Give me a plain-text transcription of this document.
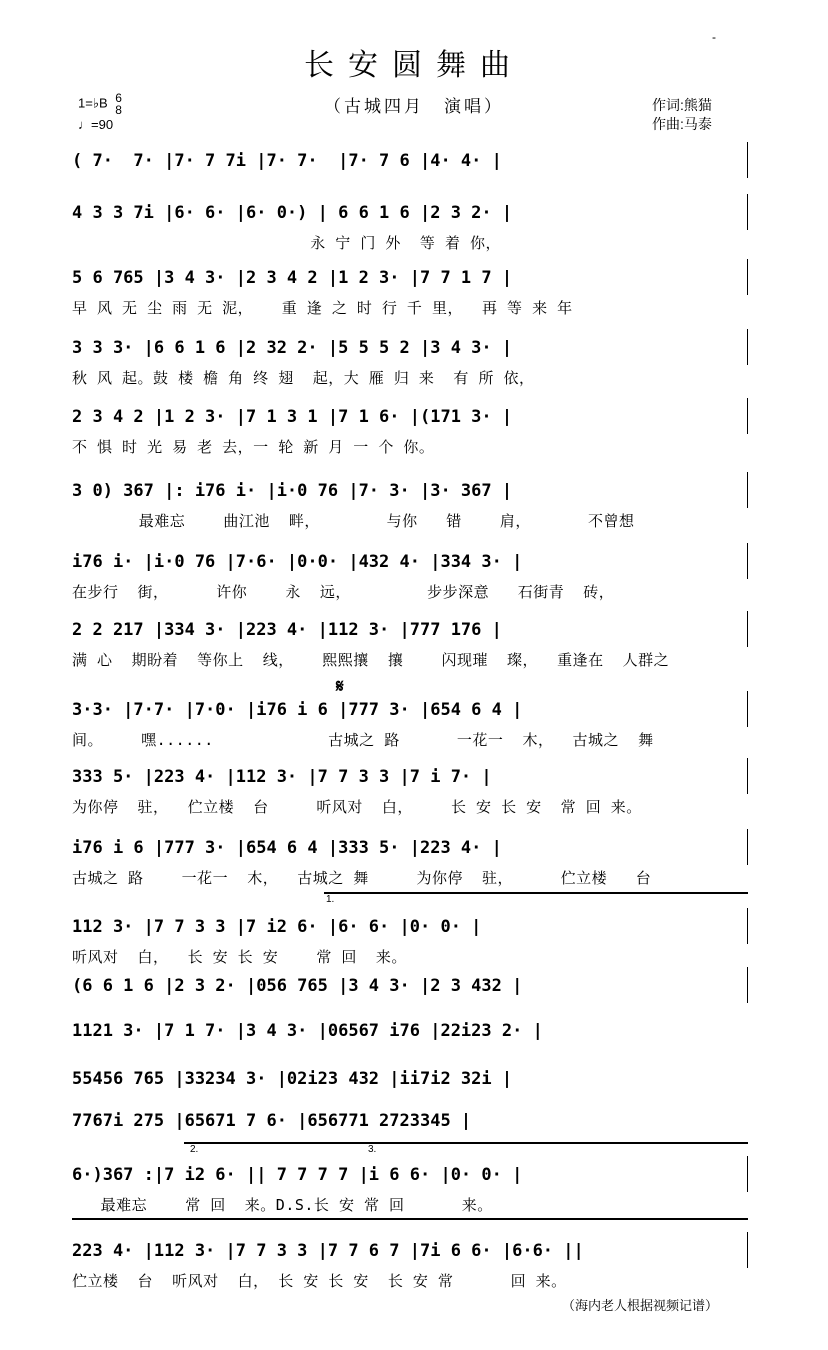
长安圆舞曲
（古城四月　演唱）
-
1=♭B 6
8
♩=90
作词:熊猫
作曲:马泰
( 7·  7· |7· 7 7i |7· 7·  |7· 7 6 |4· 4· |
4 3 3 7i |6· 6· |6· 0·) | 6 6 1 6 |2 3 2· |
永 宁 门 外  等 着 你，
5 6 765 |3 4 3· |2 3 4 2 |1 2 3· |7 7 1 7 |
早 风 无 尘 雨 无 泥，   重 逢 之 时 行 千 里，  再 等 来 年
3 3 3· |6 6 1 6 |2 32 2· |5 5 5 2 |3 4 3· |
秋 风 起。鼓 楼 檐 角 终 翅  起，大 雁 归 来  有 所 依，
2 3 4 2 |1 2 3· |7 1 3 1 |7 1 6· |(171 3· |
不 惧 时 光 易 老 去，一 轮 新 月 一 个 你。
3 0) 367 |: i76 i· |i·0 76 |7· 3· |3· 367 |
最难忘    曲江池  畔，       与你   错    肩，      不曾想
i76 i· |i·0 76 |7·6· |0·0· |432 4· |334 3· |
在步行  街，     许你    永  远，        步步深意   石街青  砖，
2 2 217 |334 3· |223 4· |112 3· |777 176 |
满 心  期盼着  等你上  线，   熙熙攘  攘    闪现璀  璨，  重逢在  人群之
3·3· |7·7· |7·0· |i76 i 6 |777 3· |654 6 4 |
间。    嘿......            古城之 路      一花一  木，  古城之  舞
333 5· |223 4· |112 3· |7 7 3 3 |7 i 7· |
为你停  驻，  伫立楼  台     听风对  白，    长 安 长 安  常 回 来。
i76 i 6 |777 3· |654 6 4 |333 5· |223 4· |
古城之 路    一花一  木，  古城之 舞     为你停  驻，     伫立楼   台
112 3· |7 7 3 3 |7 i2 6· |6· 6· |0· 0· |
听风对  白，  长 安 长 安    常 回  来。
(6 6 1 6 |2 3 2· |056 765 |3 4 3· |2 3 432 |
1121 3· |7 1 7· |3 4 3· |06567 i76 |22i23 2· |
55456 765 |33234 3· |02i23 432 |ii7i2 32i |
7767i 275 |65671 7 6· |656771 2723345 |
6·)367 :|7 i2 6· || 7 7 7 7 |i 6 6· |0· 0· |
最难忘    常 回  来。D.S.长 安 常 回      来。
223 4· |112 3· |7 7 3 3 |7 7 6 7 |7i 6 6· |6·6· ||
伫立楼  台  听风对  白， 长 安 长 安  长 安 常      回 来。
𝄋
1.
2.	3.
（海内老人根据视频记谱）
